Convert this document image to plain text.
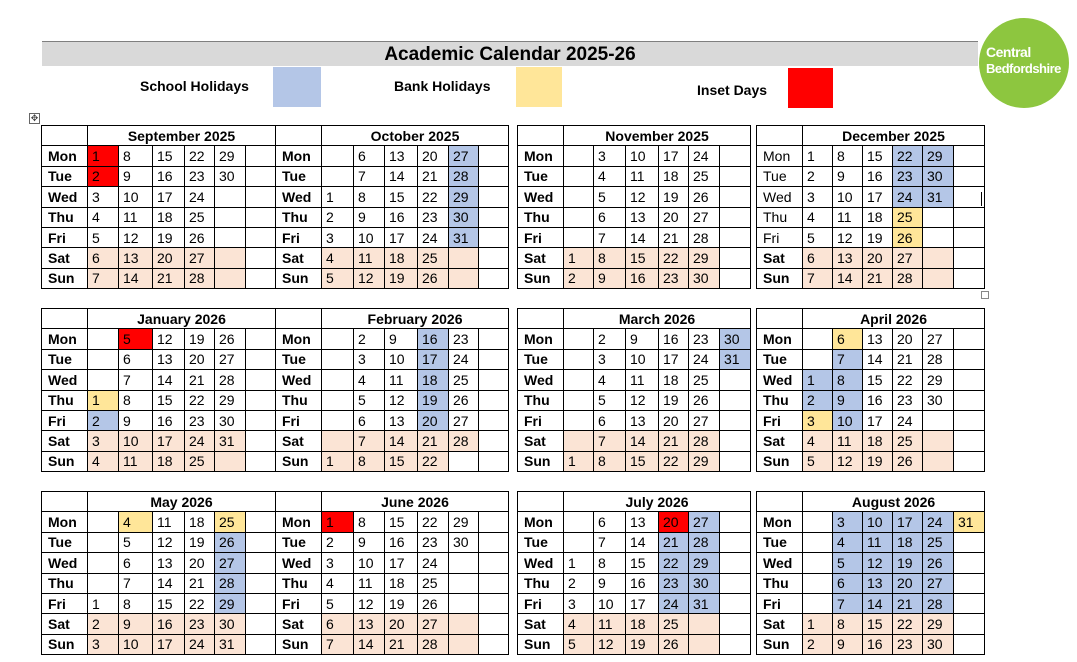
Academic Calendar 2025-26
School Holidays	Bank Holidays	Inset Days
Central
Bedfordshire
✥
	September 2025					
Mon	1	8	15	22	29	
Tue	2	9	16	23	30	
Wed	3	10	17	24		
Thu	4	11	18	25		
Fri	5	12	19	26		
Sat	6	13	20	27		
Sun	7	14	21	28		
	October 2025					
Mon		6	13	20	27	
Tue		7	14	21	28	
Wed	1	8	15	22	29	
Thu	2	9	16	23	30	
Fri	3	10	17	24	31	
Sat	4	11	18	25		
Sun	5	12	19	26		
	November 2025					
Mon		3	10	17	24	
Tue		4	11	18	25	
Wed		5	12	19	26	
Thu		6	13	20	27	
Fri		7	14	21	28	
Sat	1	8	15	22	29	
Sun	2	9	16	23	30	
	December 2025					
Mon	1	8	15	22	29	
Tue	2	9	16	23	30	
Wed	3	10	17	24	31	
Thu	4	11	18	25		
Fri	5	12	19	26		
Sat	6	13	20	27		
Sun	7	14	21	28		
	January 2026					
Mon		5	12	19	26	
Tue		6	13	20	27	
Wed		7	14	21	28	
Thu	1	8	15	22	29	
Fri	2	9	16	23	30	
Sat	3	10	17	24	31	
Sun	4	11	18	25		
	February 2026					
Mon		2	9	16	23	
Tue		3	10	17	24	
Wed		4	11	18	25	
Thu		5	12	19	26	
Fri		6	13	20	27	
Sat		7	14	21	28	
Sun	1	8	15	22		
	March 2026					
Mon		2	9	16	23	30
Tue		3	10	17	24	31
Wed		4	11	18	25	
Thu		5	12	19	26	
Fri		6	13	20	27	
Sat		7	14	21	28	
Sun	1	8	15	22	29	
	April 2026					
Mon		6	13	20	27	
Tue		7	14	21	28	
Wed	1	8	15	22	29	
Thu	2	9	16	23	30	
Fri	3	10	17	24		
Sat	4	11	18	25		
Sun	5	12	19	26		
	May 2026					
Mon		4	11	18	25	
Tue		5	12	19	26	
Wed		6	13	20	27	
Thu		7	14	21	28	
Fri	1	8	15	22	29	
Sat	2	9	16	23	30	
Sun	3	10	17	24	31	
	June 2026					
Mon	1	8	15	22	29	
Tue	2	9	16	23	30	
Wed	3	10	17	24		
Thu	4	11	18	25		
Fri	5	12	19	26		
Sat	6	13	20	27		
Sun	7	14	21	28		
	July 2026					
Mon		6	13	20	27	
Tue		7	14	21	28	
Wed	1	8	15	22	29	
Thu	2	9	16	23	30	
Fri	3	10	17	24	31	
Sat	4	11	18	25		
Sun	5	12	19	26		
	August 2026					
Mon		3	10	17	24	31
Tue		4	11	18	25	
Wed		5	12	19	26	
Thu		6	13	20	27	
Fri		7	14	21	28	
Sat	1	8	15	22	29	
Sun	2	9	16	23	30	
